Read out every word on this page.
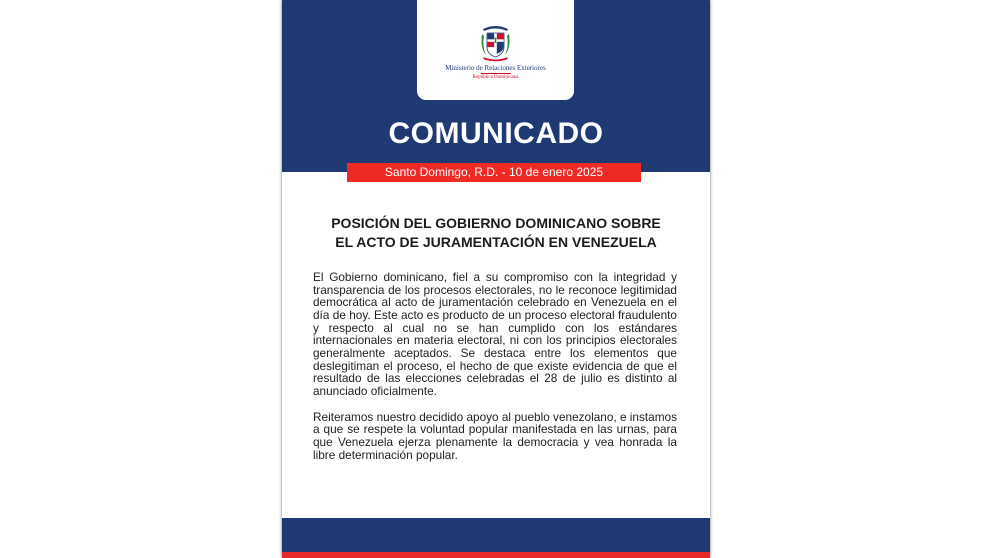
Ministerio de Relaciones Exteriores
República Dominicana
COMUNICADO
Santo Domingo, R.D. - 10 de enero 2025
POSICIÓN DEL GOBIERNO DOMINICANO SOBRE
EL ACTO DE JURAMENTACIÓN EN VENEZUELA

El Gobierno dominicano, fiel a su compromiso con la integridad y transparencia de los procesos electorales, no le reconoce legitimidad democrática al acto de juramentación celebrado en Venezuela en el día de hoy. Este acto es producto de un proceso electoral fraudulento y respecto al cual no se han cumplido con los estándares internacionales en materia electoral, ni con los principios electorales generalmente aceptados. Se destaca entre los elementos que deslegitiman el proceso, el hecho de que existe evidencia de que el resultado de las elecciones celebradas el 28 de julio es distinto al anunciado oficialmente.

Reiteramos nuestro decidido apoyo al pueblo venezolano, e instamos a que se respete la voluntad popular manifestada en las urnas, para que Venezuela ejerza plenamente la democracia y vea honrada la libre determinación popular.
